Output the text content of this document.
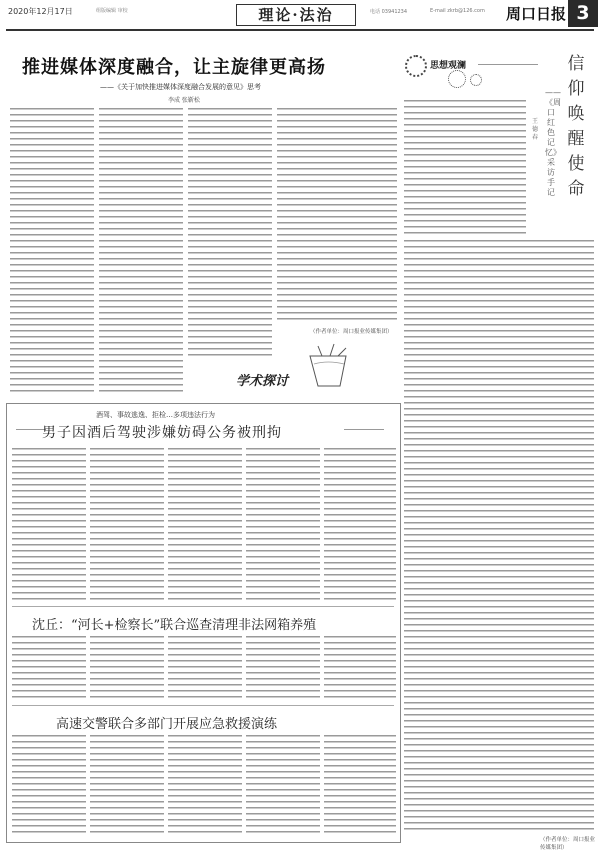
2020年12月17日	组版编辑 审校	理论·法治	电话 03941234	E-mail zkrb@126.com 周口日报 3
推进媒体深度融合，让主旋律更高扬
——《关于加快推进媒体深度融合发展的意见》思考
李成 张靳松
（作者单位：周口报业传媒集团）
学术探讨
思想观澜	信仰唤醒使命
——《周口红色记忆》采访手记
王德春
（作者单位：周口报业传媒集团）
酒驾、事故逃逸、拒检…多项违法行为
男子因酒后驾驶涉嫌妨碍公务被刑拘
沈丘：“河长+检察长”联合巡查清理非法网箱养殖
高速交警联合多部门开展应急救援演练
